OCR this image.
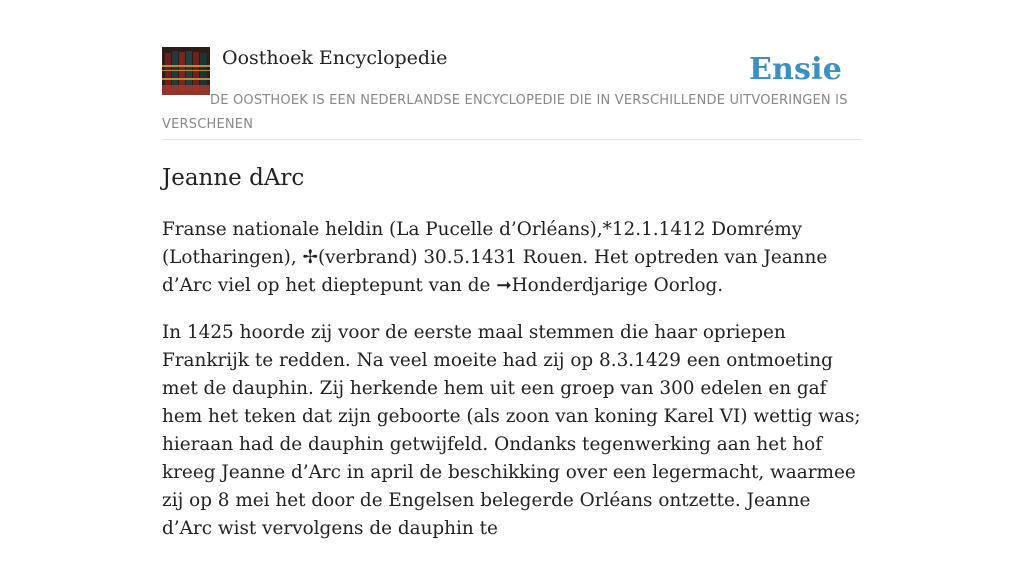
Oosthoek Encyclopedie	Ensie
DE OOSTHOEK IS EEN NEDERLANDSE ENCYCLOPEDIE DIE IN VERSCHILLENDE UITVOERINGEN IS VERSCHENEN
Jeanne dArc

Franse nationale heldin (La Pucelle d’Orléans),*12.1.1412 Domrémy (Lotharingen), ✢(verbrand) 30.5.1431 Rouen. Het optreden van Jeanne d’Arc viel op het dieptepunt van de ➞Honderdjarige Oorlog.

In 1425 hoorde zij voor de eerste maal stemmen die haar opriepen Frankrijk te redden. Na veel moeite had zij op 8.3.1429 een ontmoeting met de dauphin. Zij herkende hem uit een groep van 300 edelen en gaf hem het teken dat zijn geboorte (als zoon van koning Karel VI) wettig was; hieraan had de dauphin getwijfeld. Ondanks tegenwerking aan het hof kreeg Jeanne d’Arc in april de beschikking over een legermacht, waarmee zij op 8 mei het door de Engelsen belegerde Orléans ontzette. Jeanne d’Arc wist vervolgens de dauphin te
